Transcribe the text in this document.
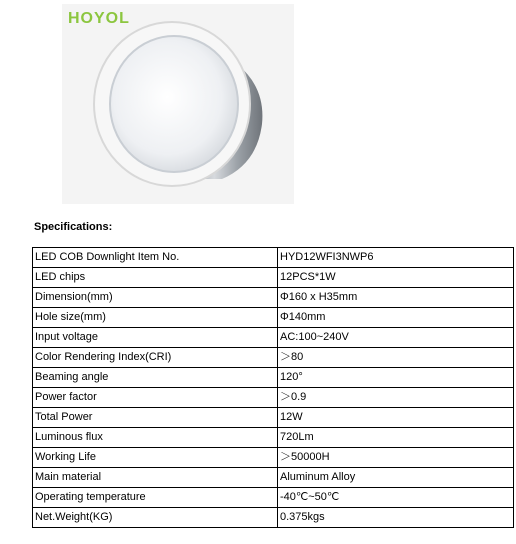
HOYOL
Specifications:
LED COB Downlight Item No.	HYD12WFI3NWP6
LED chips	12PCS*1W
Dimension(mm)	Φ160 x H35mm
Hole size(mm)	Φ140mm
Input voltage	AC:100~240V
Color Rendering Index(CRI)	＞80
Beaming angle	120°
Power factor	＞0.9
Total Power	12W
Luminous flux	720Lm
Working Life	＞50000H
Main material	Aluminum Alloy
Operating temperature	-40℃~50℃
Net.Weight(KG)	0.375kgs
